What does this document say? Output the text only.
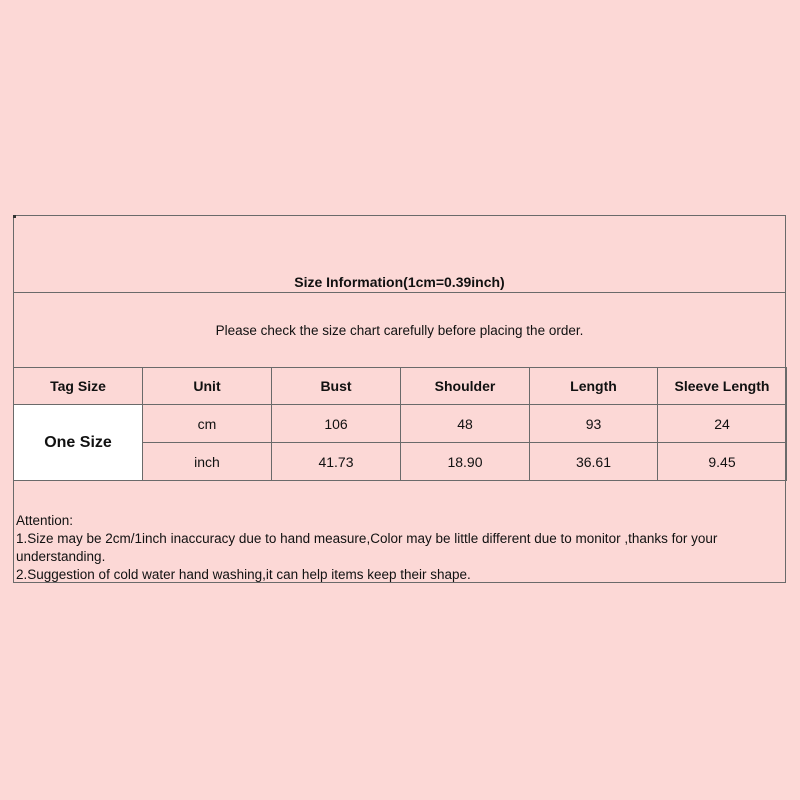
Size Information(1cm=0.39inch)
Please check the size chart carefully before placing the order.
Tag Size	Unit	Bust	Shoulder	Length	Sleeve Length
One Size	cm	106	48	93	24
	inch	41.73	18.90	36.61	9.45

Attention:

1.Size may be 2cm/1inch inaccuracy due to hand measure,Color may be little different due to monitor ,thanks for your understanding.

2.Suggestion of cold water hand washing,it can help items keep their shape.
